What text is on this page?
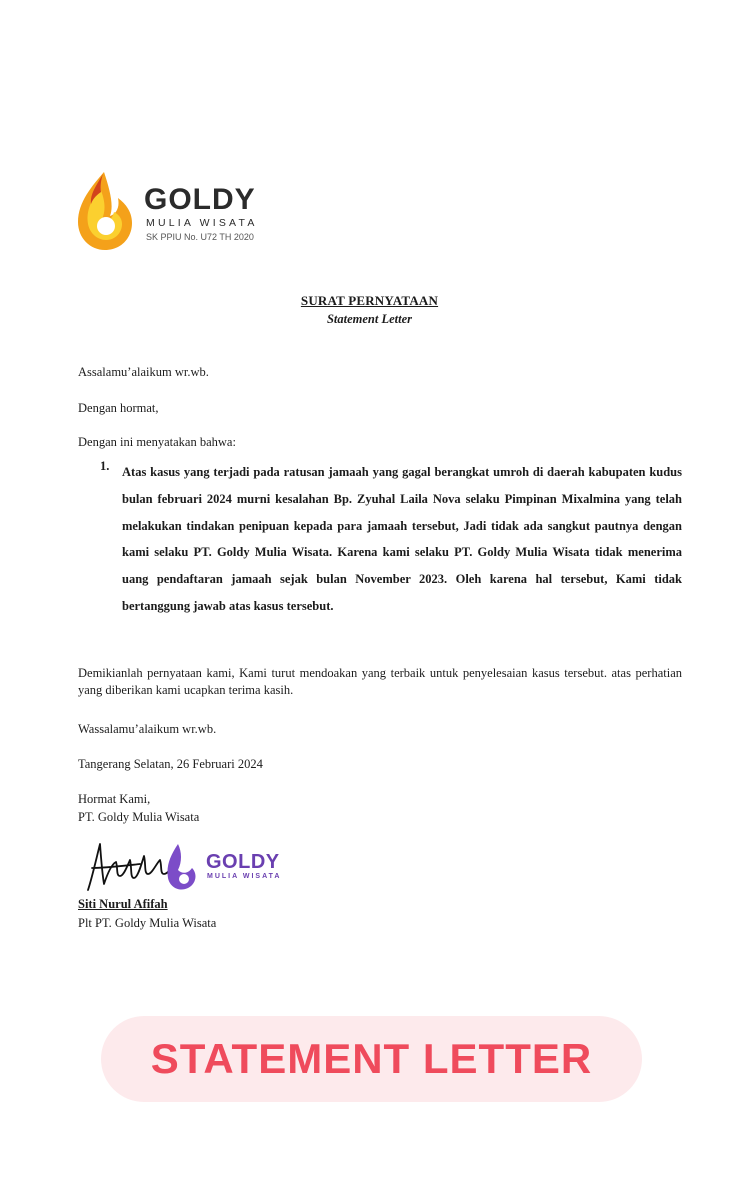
GOLDY
MULIA WISATA
SK PPIU No. U72 TH 2020
SURAT PERNYATAAN
Statement Letter
Assalamu’alaikum wr.wb.
Dengan hormat,
Dengan ini menyatakan bahwa:
1. Atas kasus yang terjadi pada ratusan jamaah yang gagal berangkat umroh di daerah kabupaten kudus bulan februari 2024 murni kesalahan Bp. Zyuhal Laila Nova selaku Pimpinan Mixalmina yang telah melakukan tindakan penipuan kepada para jamaah tersebut, Jadi tidak ada sangkut pautnya dengan kami selaku PT. Goldy Mulia Wisata. Karena kami selaku PT. Goldy Mulia Wisata tidak menerima uang pendaftaran jamaah sejak bulan November 2023. Oleh karena hal tersebut, Kami tidak bertanggung jawab atas kasus tersebut.
Demikianlah pernyataan kami, Kami turut mendoakan yang terbaik untuk penyelesaian kasus tersebut. atas perhatian yang diberikan kami ucapkan terima kasih.
Wassalamu’alaikum wr.wb.
Tangerang Selatan, 26 Februari 2024
Hormat Kami,
PT. Goldy Mulia Wisata
GOLDY
MULIA WISATA
Siti Nurul Afifah
Plt PT. Goldy Mulia Wisata
STATEMENT LETTER
